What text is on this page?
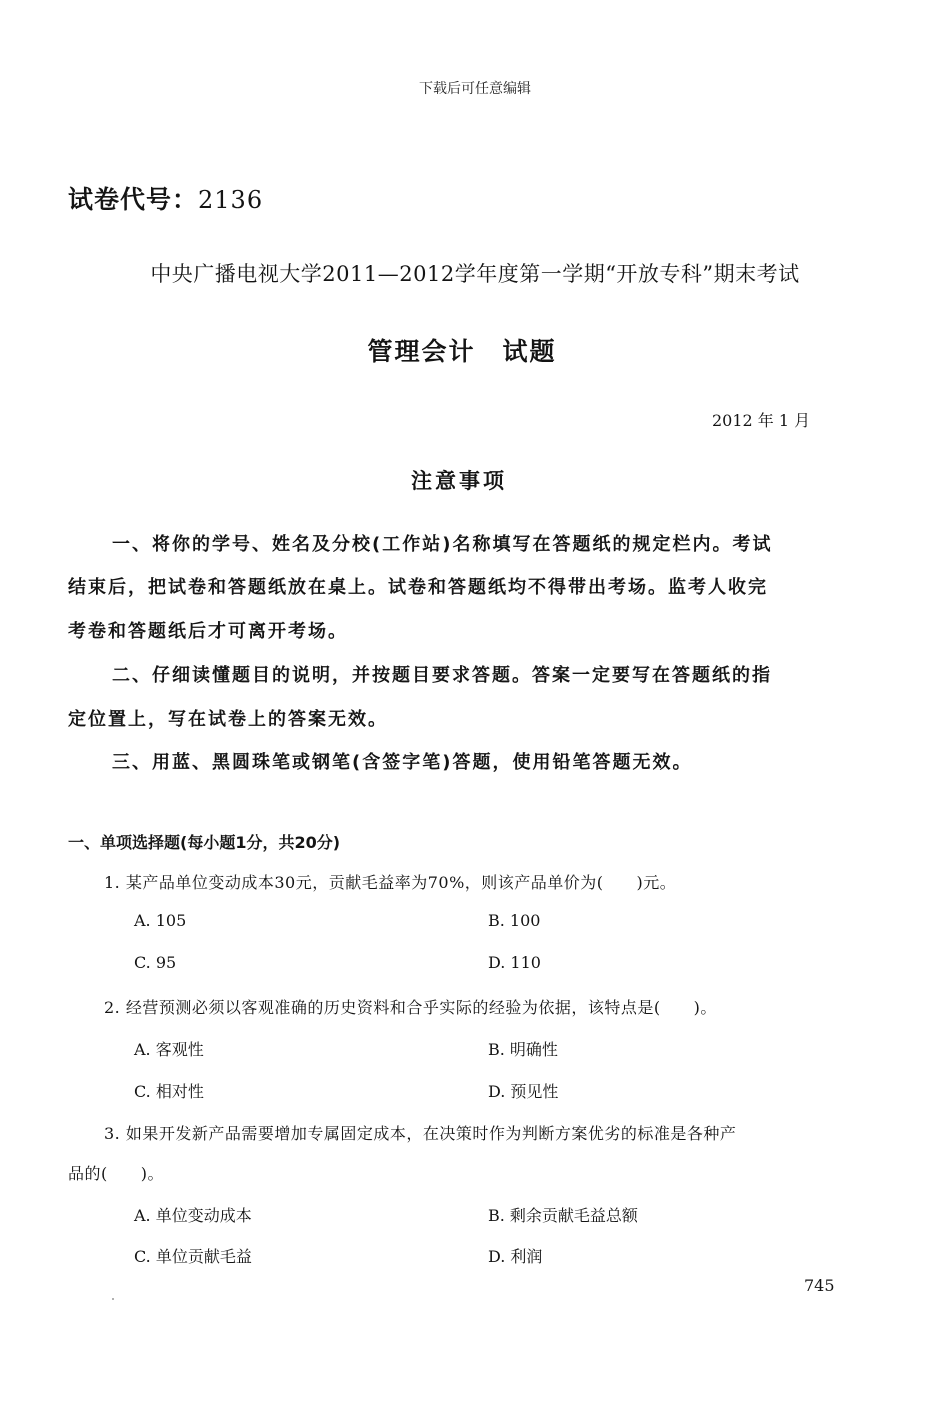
下载后可任意编辑
试卷代号：2136
中央广播电视大学2011—2012学年度第一学期“开放专科”期末考试
管理会计　试题
2012 年 1 月
注意事项
一、将你的学号、姓名及分校(工作站)名称填写在答题纸的规定栏内。考试
结束后，把试卷和答题纸放在桌上。试卷和答题纸均不得带出考场。监考人收完
考卷和答题纸后才可离开考场。
二、仔细读懂题目的说明，并按题目要求答题。答案一定要写在答题纸的指
定位置上，写在试卷上的答案无效。
三、用蓝、黑圆珠笔或钢笔(含签字笔)答题，使用铅笔答题无效。
一、单项选择题(每小题1分，共20分)
1. 某产品单位变动成本30元，贡献毛益率为70%，则该产品单价为(　　)元。
A. 105	B. 100
C. 95	D. 110
2. 经营预测必须以客观准确的历史资料和合乎实际的经验为依据，该特点是(　　)。
A. 客观性	B. 明确性
C. 相对性	D. 预见性
3. 如果开发新产品需要增加专属固定成本，在决策时作为判断方案优劣的标准是各种产
品的(　　)。
A. 单位变动成本	B. 剩余贡献毛益总额
C. 单位贡献毛益	D. 利润
745
